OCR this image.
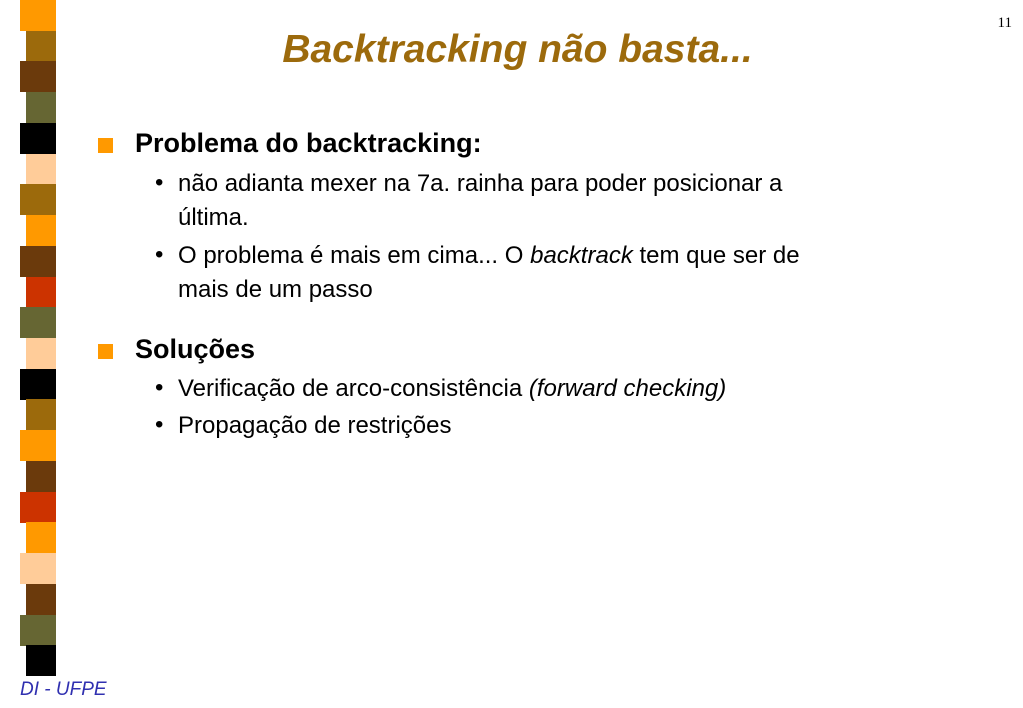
11
Backtracking não basta...
Problema do backtracking:
• não adianta mexer na 7a. rainha para poder posicionar a
última.
• O problema é mais em cima... O backtrack tem que ser de
mais de um passo
Soluções
• Verificação de arco-consistência (forward checking)
• Propagação de restrições
DI - UFPE
